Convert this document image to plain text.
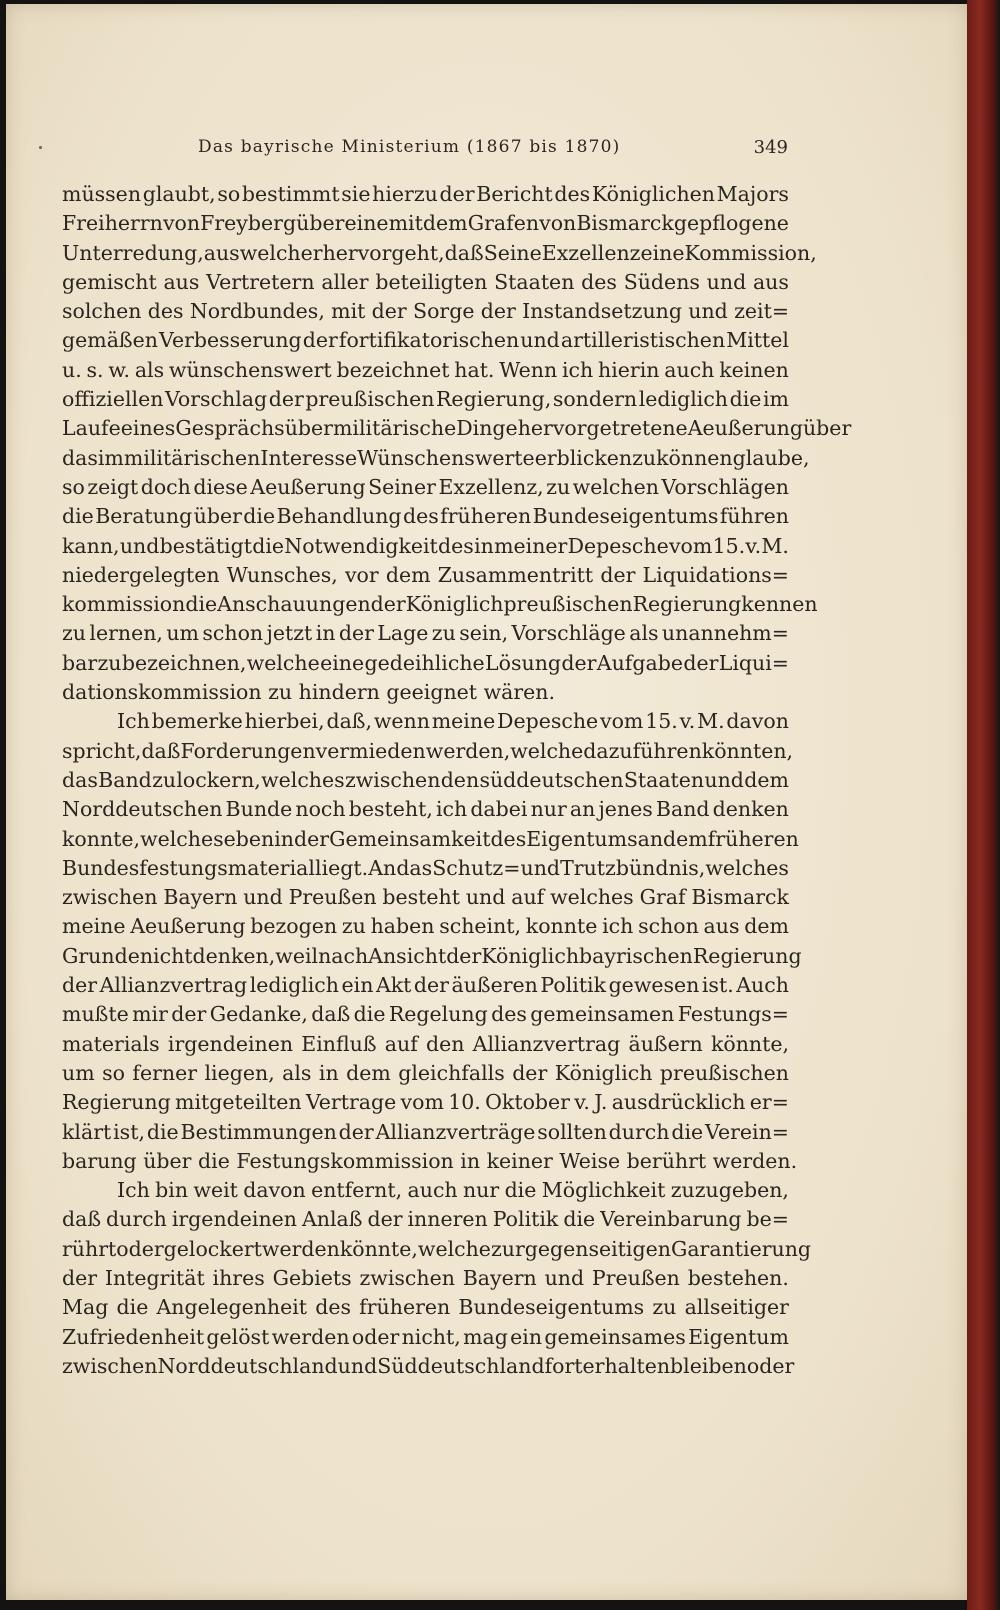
Das bayrische Ministerium (1867 bis 1870)	349
müssen glaubt, so bestimmt sie hierzu der Bericht des Königlichen Majors
Freiherrn von Freyberg über eine mit dem Grafen von Bismarck gepflogene
Unterredung, aus welcher hervorgeht, daß Seine Exzellenz eine Kommission,
gemischt aus Vertretern aller beteiligten Staaten des Südens und aus
solchen des Nordbundes, mit der Sorge der Instandsetzung und zeit=
gemäßen Verbesserung der fortifikatorischen und artilleristischen Mittel
u. s. w. als wünschenswert bezeichnet hat. Wenn ich hierin auch keinen
offiziellen Vorschlag der preußischen Regierung, sondern lediglich die im
Laufe eines Gesprächs über militärische Dinge hervorgetretene Aeußerung über
das im militärischen Interesse Wünschenswerte erblicken zu können glaube,
so zeigt doch diese Aeußerung Seiner Exzellenz, zu welchen Vorschlägen
die Beratung über die Behandlung des früheren Bundeseigentums führen
kann, und bestätigt die Notwendigkeit des in meiner Depesche vom 15. v. M.
niedergelegten Wunsches, vor dem Zusammentritt der Liquidations=
kommission die Anschauungen der Königlich preußischen Regierung kennen
zu lernen, um schon jetzt in der Lage zu sein, Vorschläge als unannehm=
bar zu bezeichnen, welche eine gedeihliche Lösung der Aufgabe der Liqui=
dationskommission
zu
hindern
geeignet
wären.
Ich bemerke hierbei, daß, wenn meine Depesche vom 15. v. M. davon
spricht, daß Forderungen vermieden werden, welche dazu führen könnten,
das Band zu lockern, welches zwischen den süddeutschen Staaten und dem
Norddeutschen Bunde noch besteht, ich dabei nur an jenes Band denken
konnte, welches eben in der Gemeinsamkeit des Eigentums an dem früheren
Bundesfestungsmaterial liegt. An das Schutz= und Trutzbündnis, welches
zwischen Bayern und Preußen besteht und auf welches Graf Bismarck
meine Aeußerung bezogen zu haben scheint, konnte ich schon aus dem
Grunde nicht denken, weil nach Ansicht der Königlich bayrischen Regierung
der Allianzvertrag lediglich ein Akt der äußeren Politik gewesen ist. Auch
mußte mir der Gedanke, daß die Regelung des gemeinsamen Festungs=
materials irgendeinen Einfluß auf den Allianzvertrag äußern könnte,
um so ferner liegen, als in dem gleichfalls der Königlich preußischen
Regierung mitgeteilten Vertrage vom 10. Oktober v. J. ausdrücklich er=
klärt ist, die Bestimmungen der Allianzverträge sollten durch die Verein=
barung
über
die
Festungskommission
in
keiner
Weise
berührt
werden.
Ich bin weit davon entfernt, auch nur die Möglichkeit zuzugeben,
daß durch irgendeinen Anlaß der inneren Politik die Vereinbarung be=
rührt oder gelockert werden könnte, welche zur gegenseitigen Garantierung
der Integrität ihres Gebiets zwischen Bayern und Preußen bestehen.
Mag die Angelegenheit des früheren Bundeseigentums zu allseitiger
Zufriedenheit gelöst werden oder nicht, mag ein gemeinsames Eigentum
zwischen Norddeutschland und Süddeutschland forterhalten bleiben oder
